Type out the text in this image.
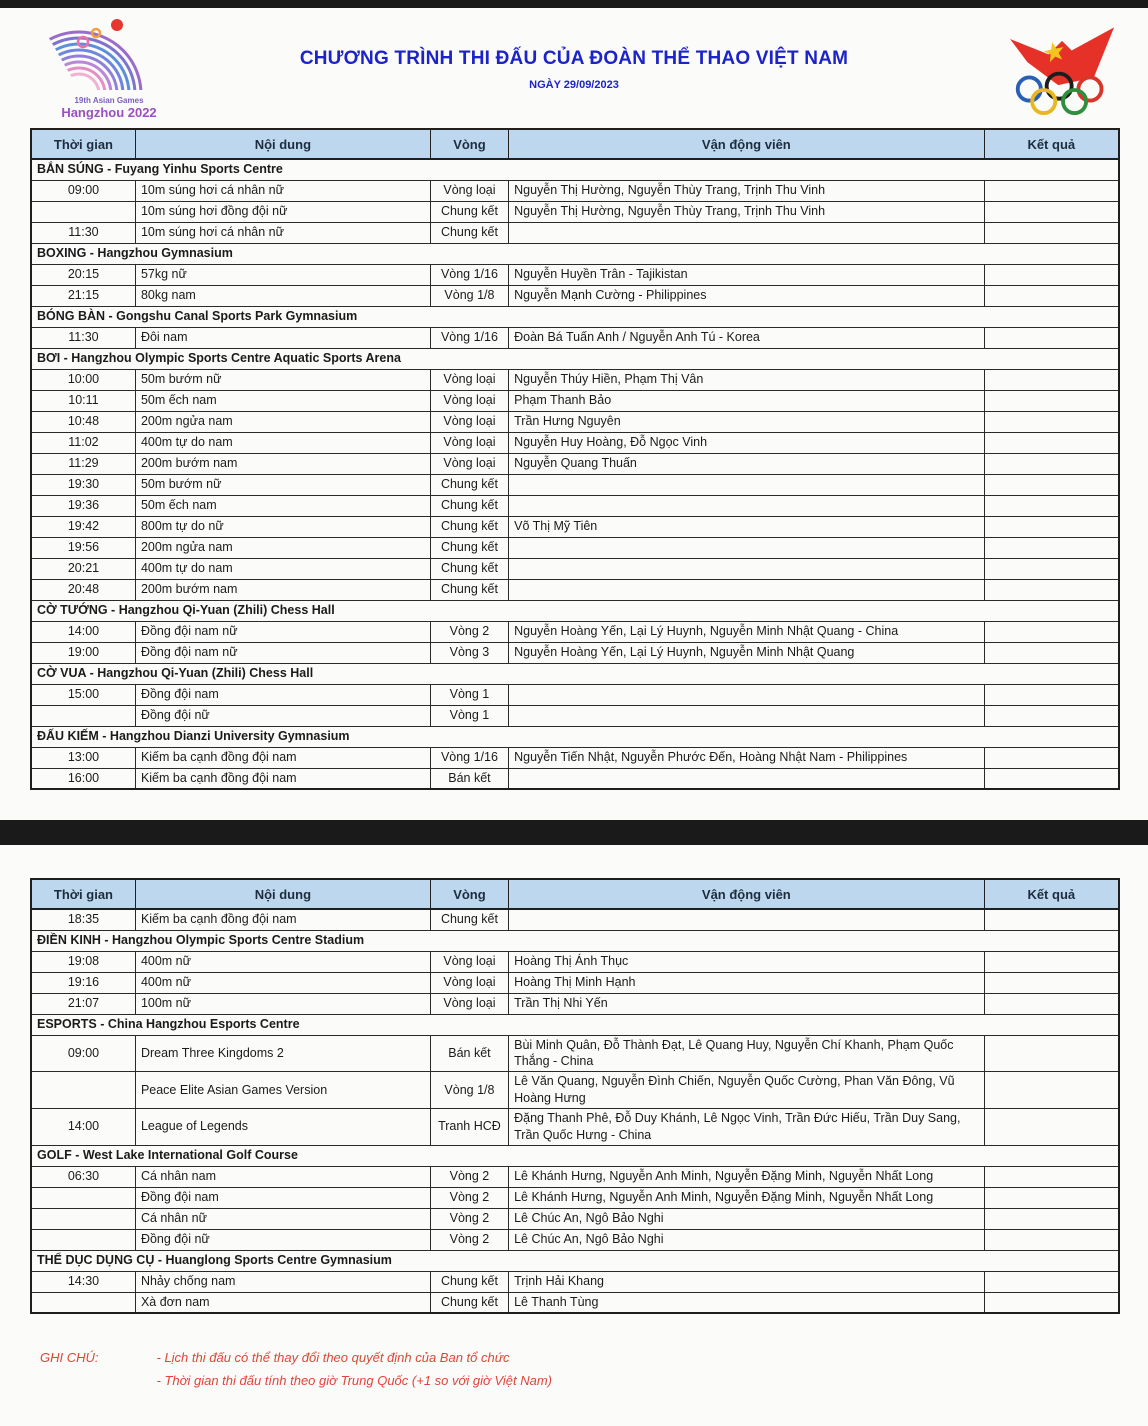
19th Asian Games
Hangzhou 2022
CHƯƠNG TRÌNH THI ĐẤU CỦA ĐOÀN THỂ THAO VIỆT NAM
NGÀY 29/09/2023
Thời gian	Nội dung	Vòng	Vận động viên	Kết quả
BẮN SÚNG - Fuyang Yinhu Sports Centre				
09:00	10m súng hơi cá nhân nữ	Vòng loại	Nguyễn Thị Hường, Nguyễn Thùy Trang, Trịnh Thu Vinh	
	10m súng hơi đồng đội nữ	Chung kết	Nguyễn Thị Hường, Nguyễn Thùy Trang, Trịnh Thu Vinh	
11:30	10m súng hơi cá nhân nữ	Chung kết		
BOXING - Hangzhou Gymnasium				
20:15	57kg nữ	Vòng 1/16	Nguyễn Huyền Trân - Tajikistan	
21:15	80kg nam	Vòng 1/8	Nguyễn Mạnh Cường - Philippines	
BÓNG BÀN - Gongshu Canal Sports Park Gymnasium				
11:30	Đôi nam	Vòng 1/16	Đoàn Bá Tuấn Anh / Nguyễn Anh Tú - Korea	
BƠI - Hangzhou Olympic Sports Centre Aquatic Sports Arena				
10:00	50m bướm nữ	Vòng loại	Nguyễn Thúy Hiền, Phạm Thị Vân	
10:11	50m ếch nam	Vòng loại	Phạm Thanh Bảo	
10:48	200m ngửa nam	Vòng loại	Trần Hưng Nguyên	
11:02	400m tự do nam	Vòng loại	Nguyễn Huy Hoàng, Đỗ Ngọc Vinh	
11:29	200m bướm nam	Vòng loại	Nguyễn Quang Thuấn	
19:30	50m bướm nữ	Chung kết		
19:36	50m ếch nam	Chung kết		
19:42	800m tự do nữ	Chung kết	Võ Thị Mỹ Tiên	
19:56	200m ngửa nam	Chung kết		
20:21	400m tự do nam	Chung kết		
20:48	200m bướm nam	Chung kết		
CỜ TƯỚNG - Hangzhou Qi-Yuan (Zhili) Chess Hall				
14:00	Đồng đội nam nữ	Vòng 2	Nguyễn Hoàng Yến, Lại Lý Huynh, Nguyễn Minh Nhật Quang - China	
19:00	Đồng đội nam nữ	Vòng 3	Nguyễn Hoàng Yến, Lại Lý Huynh, Nguyễn Minh Nhật Quang	
CỜ VUA - Hangzhou Qi-Yuan (Zhili) Chess Hall				
15:00	Đồng đội nam	Vòng 1		
	Đồng đội nữ	Vòng 1		
ĐẤU KIẾM - Hangzhou Dianzi University Gymnasium				
13:00	Kiếm ba cạnh đồng đội nam	Vòng 1/16	Nguyễn Tiến Nhật, Nguyễn Phước Đến, Hoàng Nhật Nam - Philippines	
16:00	Kiếm ba cạnh đồng đội nam	Bán kết		
Thời gian	Nội dung	Vòng	Vận động viên	Kết quả
18:35	Kiếm ba cạnh đồng đội nam	Chung kết		
ĐIỀN KINH - Hangzhou Olympic Sports Centre Stadium				
19:08	400m nữ	Vòng loại	Hoàng Thị Ánh Thục	
19:16	400m nữ	Vòng loại	Hoàng Thị Minh Hạnh	
21:07	100m nữ	Vòng loại	Trần Thị Nhi Yến	
ESPORTS - China Hangzhou Esports Centre				
09:00	Dream Three Kingdoms 2	Bán kết	Bùi Minh Quân, Đỗ Thành Đạt, Lê Quang Huy, Nguyễn Chí Khanh, Phạm Quốc Thắng - China	
	Peace Elite Asian Games Version	Vòng 1/8	Lê Văn Quang, Nguyễn Đình Chiến, Nguyễn Quốc Cường, Phan Văn Đông, Vũ Hoàng Hưng	
14:00	League of Legends	Tranh HCĐ	Đặng Thanh Phê, Đỗ Duy Khánh, Lê Ngọc Vinh, Trần Đức Hiếu, Trần Duy Sang, Trần Quốc Hưng - China	
GOLF - West Lake International Golf Course				
06:30	Cá nhân nam	Vòng 2	Lê Khánh Hưng, Nguyễn Anh Minh, Nguyễn Đặng Minh, Nguyễn Nhất Long	
	Đồng đội nam	Vòng 2	Lê Khánh Hưng, Nguyễn Anh Minh, Nguyễn Đặng Minh, Nguyễn Nhất Long	
	Cá nhân nữ	Vòng 2	Lê Chúc An, Ngô Bảo Nghi	
	Đồng đội nữ	Vòng 2	Lê Chúc An, Ngô Bảo Nghi	
THỂ DỤC DỤNG CỤ - Huanglong Sports Centre Gymnasium				
14:30	Nhảy chống nam	Chung kết	Trịnh Hải Khang	
	Xà đơn nam	Chung kết	Lê Thanh Tùng	
GHI CHÚ:	- Lịch thi đấu có thể thay đổi theo quyết định của Ban tổ chức
- Thời gian thi đấu tính theo giờ Trung Quốc (+1 so với giờ Việt Nam)
